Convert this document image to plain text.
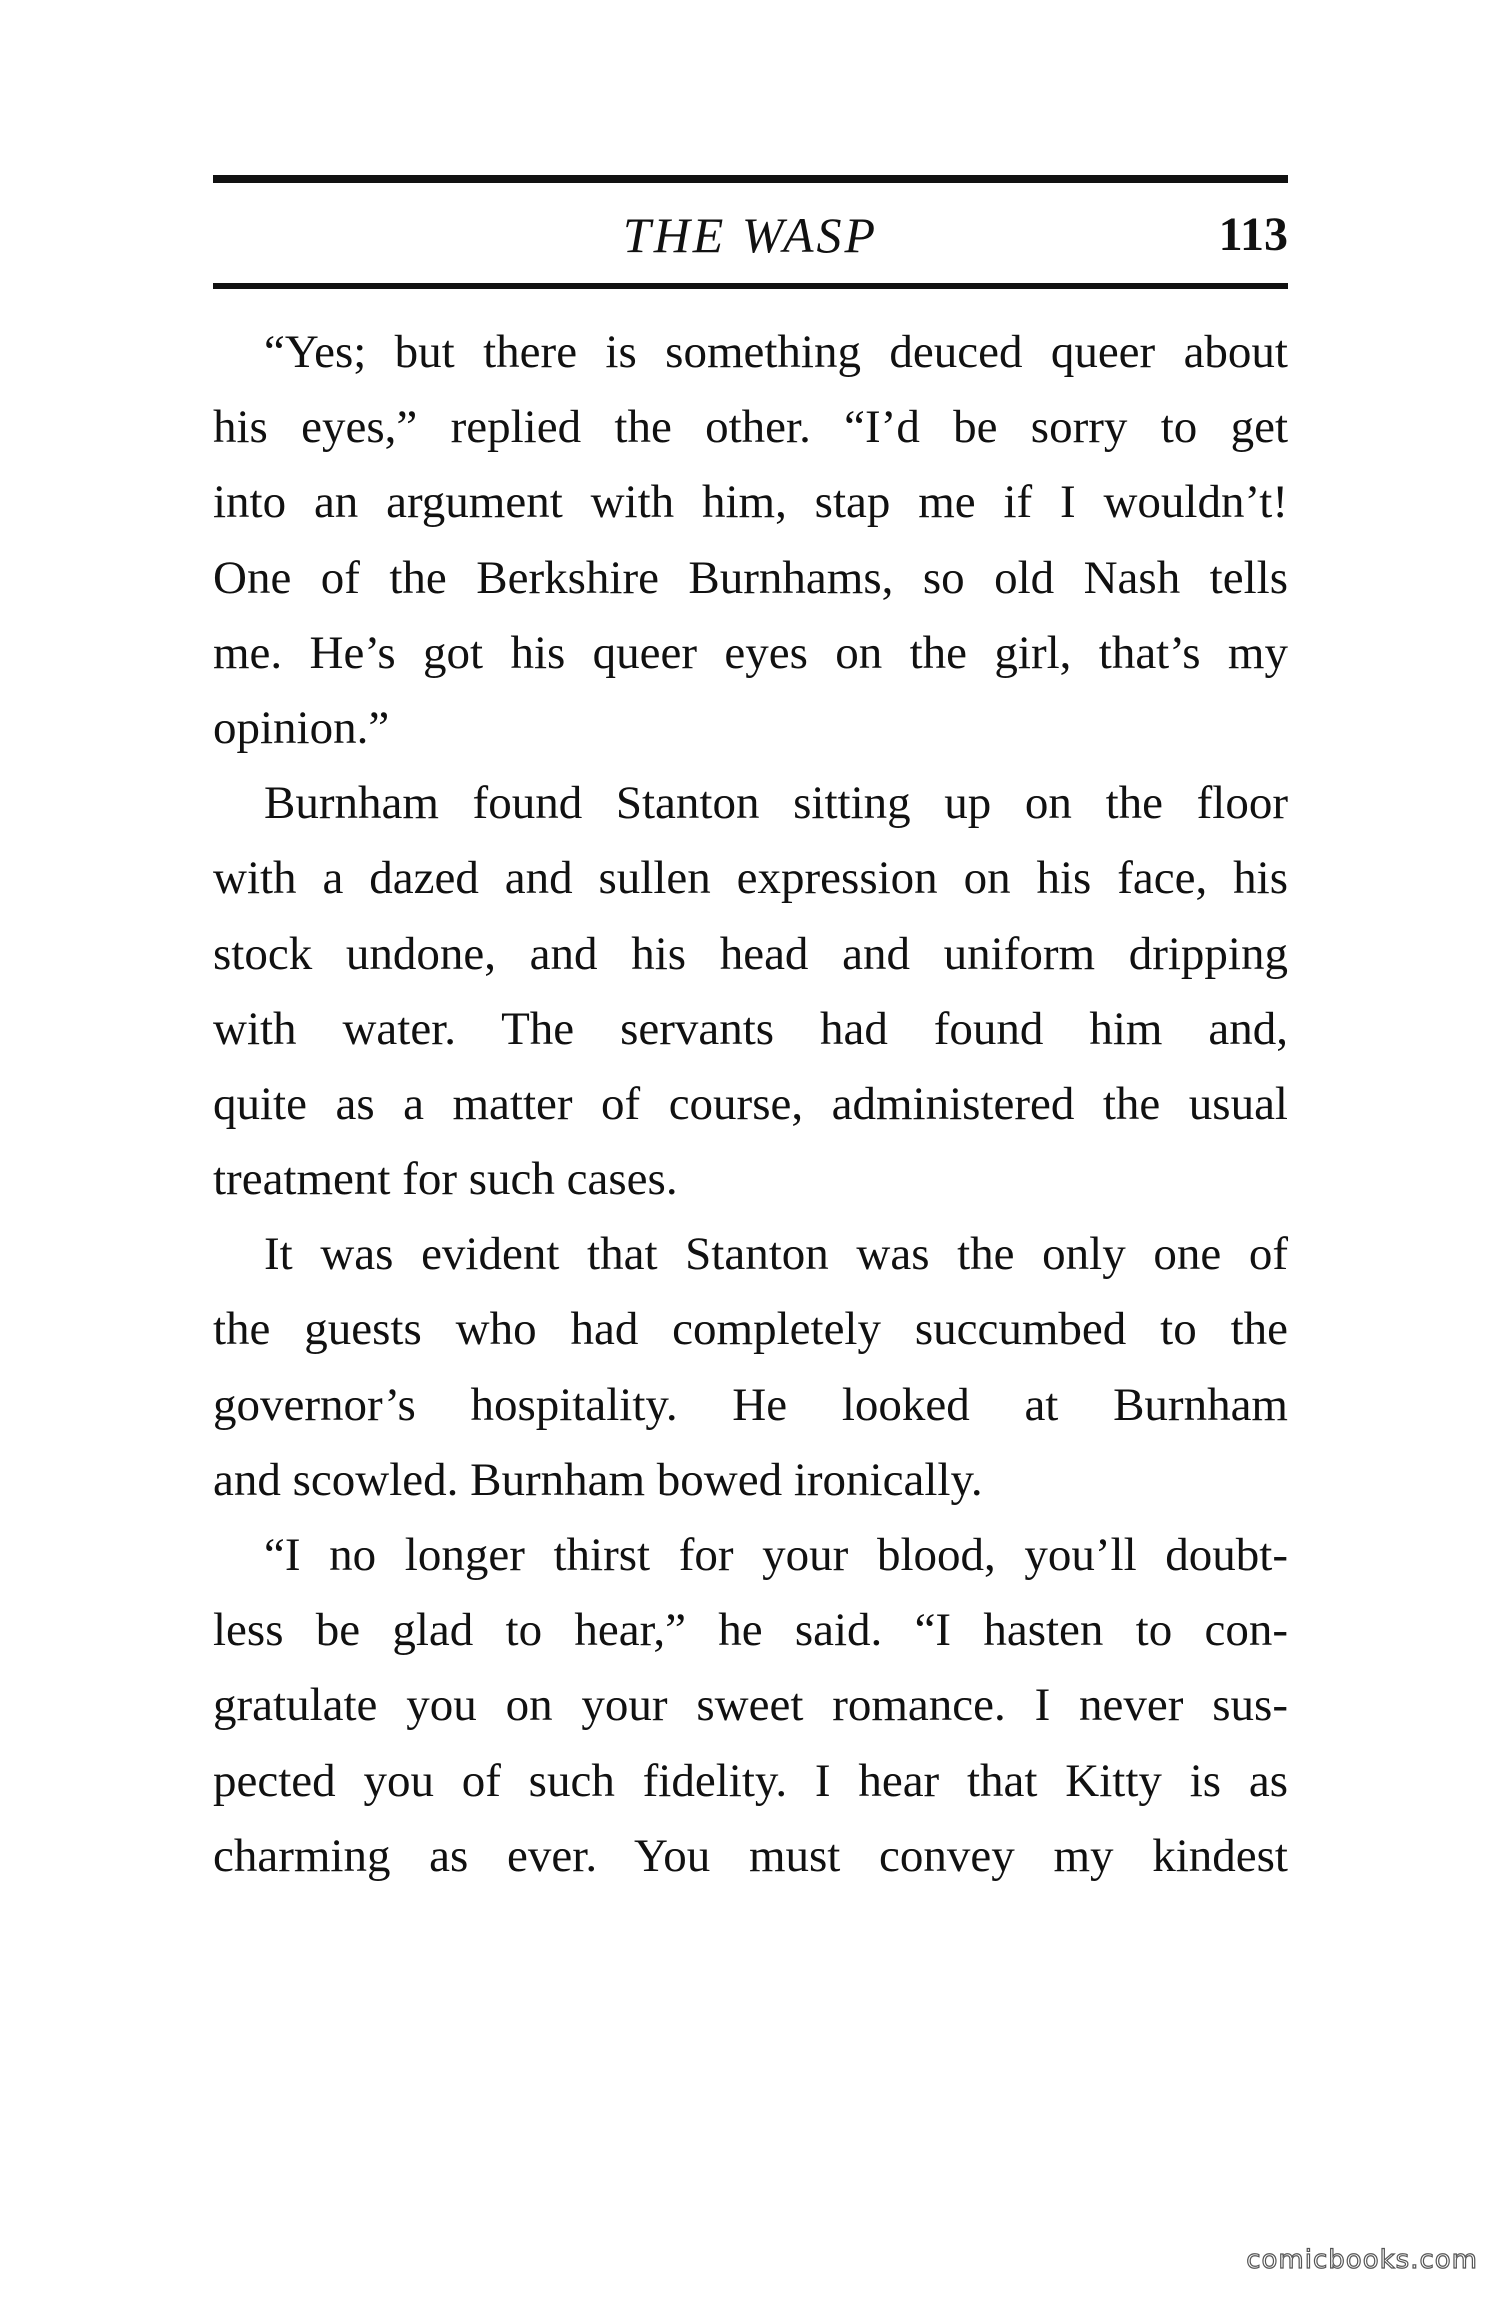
THE WASP	113
“Yes; but there is something deuced queer about
his eyes,” replied the other. “I’d be sorry to get
into an argument with him, stap me if I wouldn’t!
One of the Berkshire Burnhams, so old Nash tells
me. He’s got his queer eyes on the girl, that’s my
opinion.”
Burnham found Stanton sitting up on the floor
with a dazed and sullen expression on his face, his
stock undone, and his head and uniform dripping
with water. The servants had found him and,
quite as a matter of course, administered the usual
treatment for such cases.
It was evident that Stanton was the only one of
the guests who had completely succumbed to the
governor’s hospitality. He looked at Burnham
and scowled. Burnham bowed ironically.
“I no longer thirst for your blood, you’ll doubt-
less be glad to hear,” he said. “I hasten to con-
gratulate you on your sweet romance. I never sus-
pected you of such fidelity. I hear that Kitty is as
charming as ever. You must convey my kindest
comicbooks.com
